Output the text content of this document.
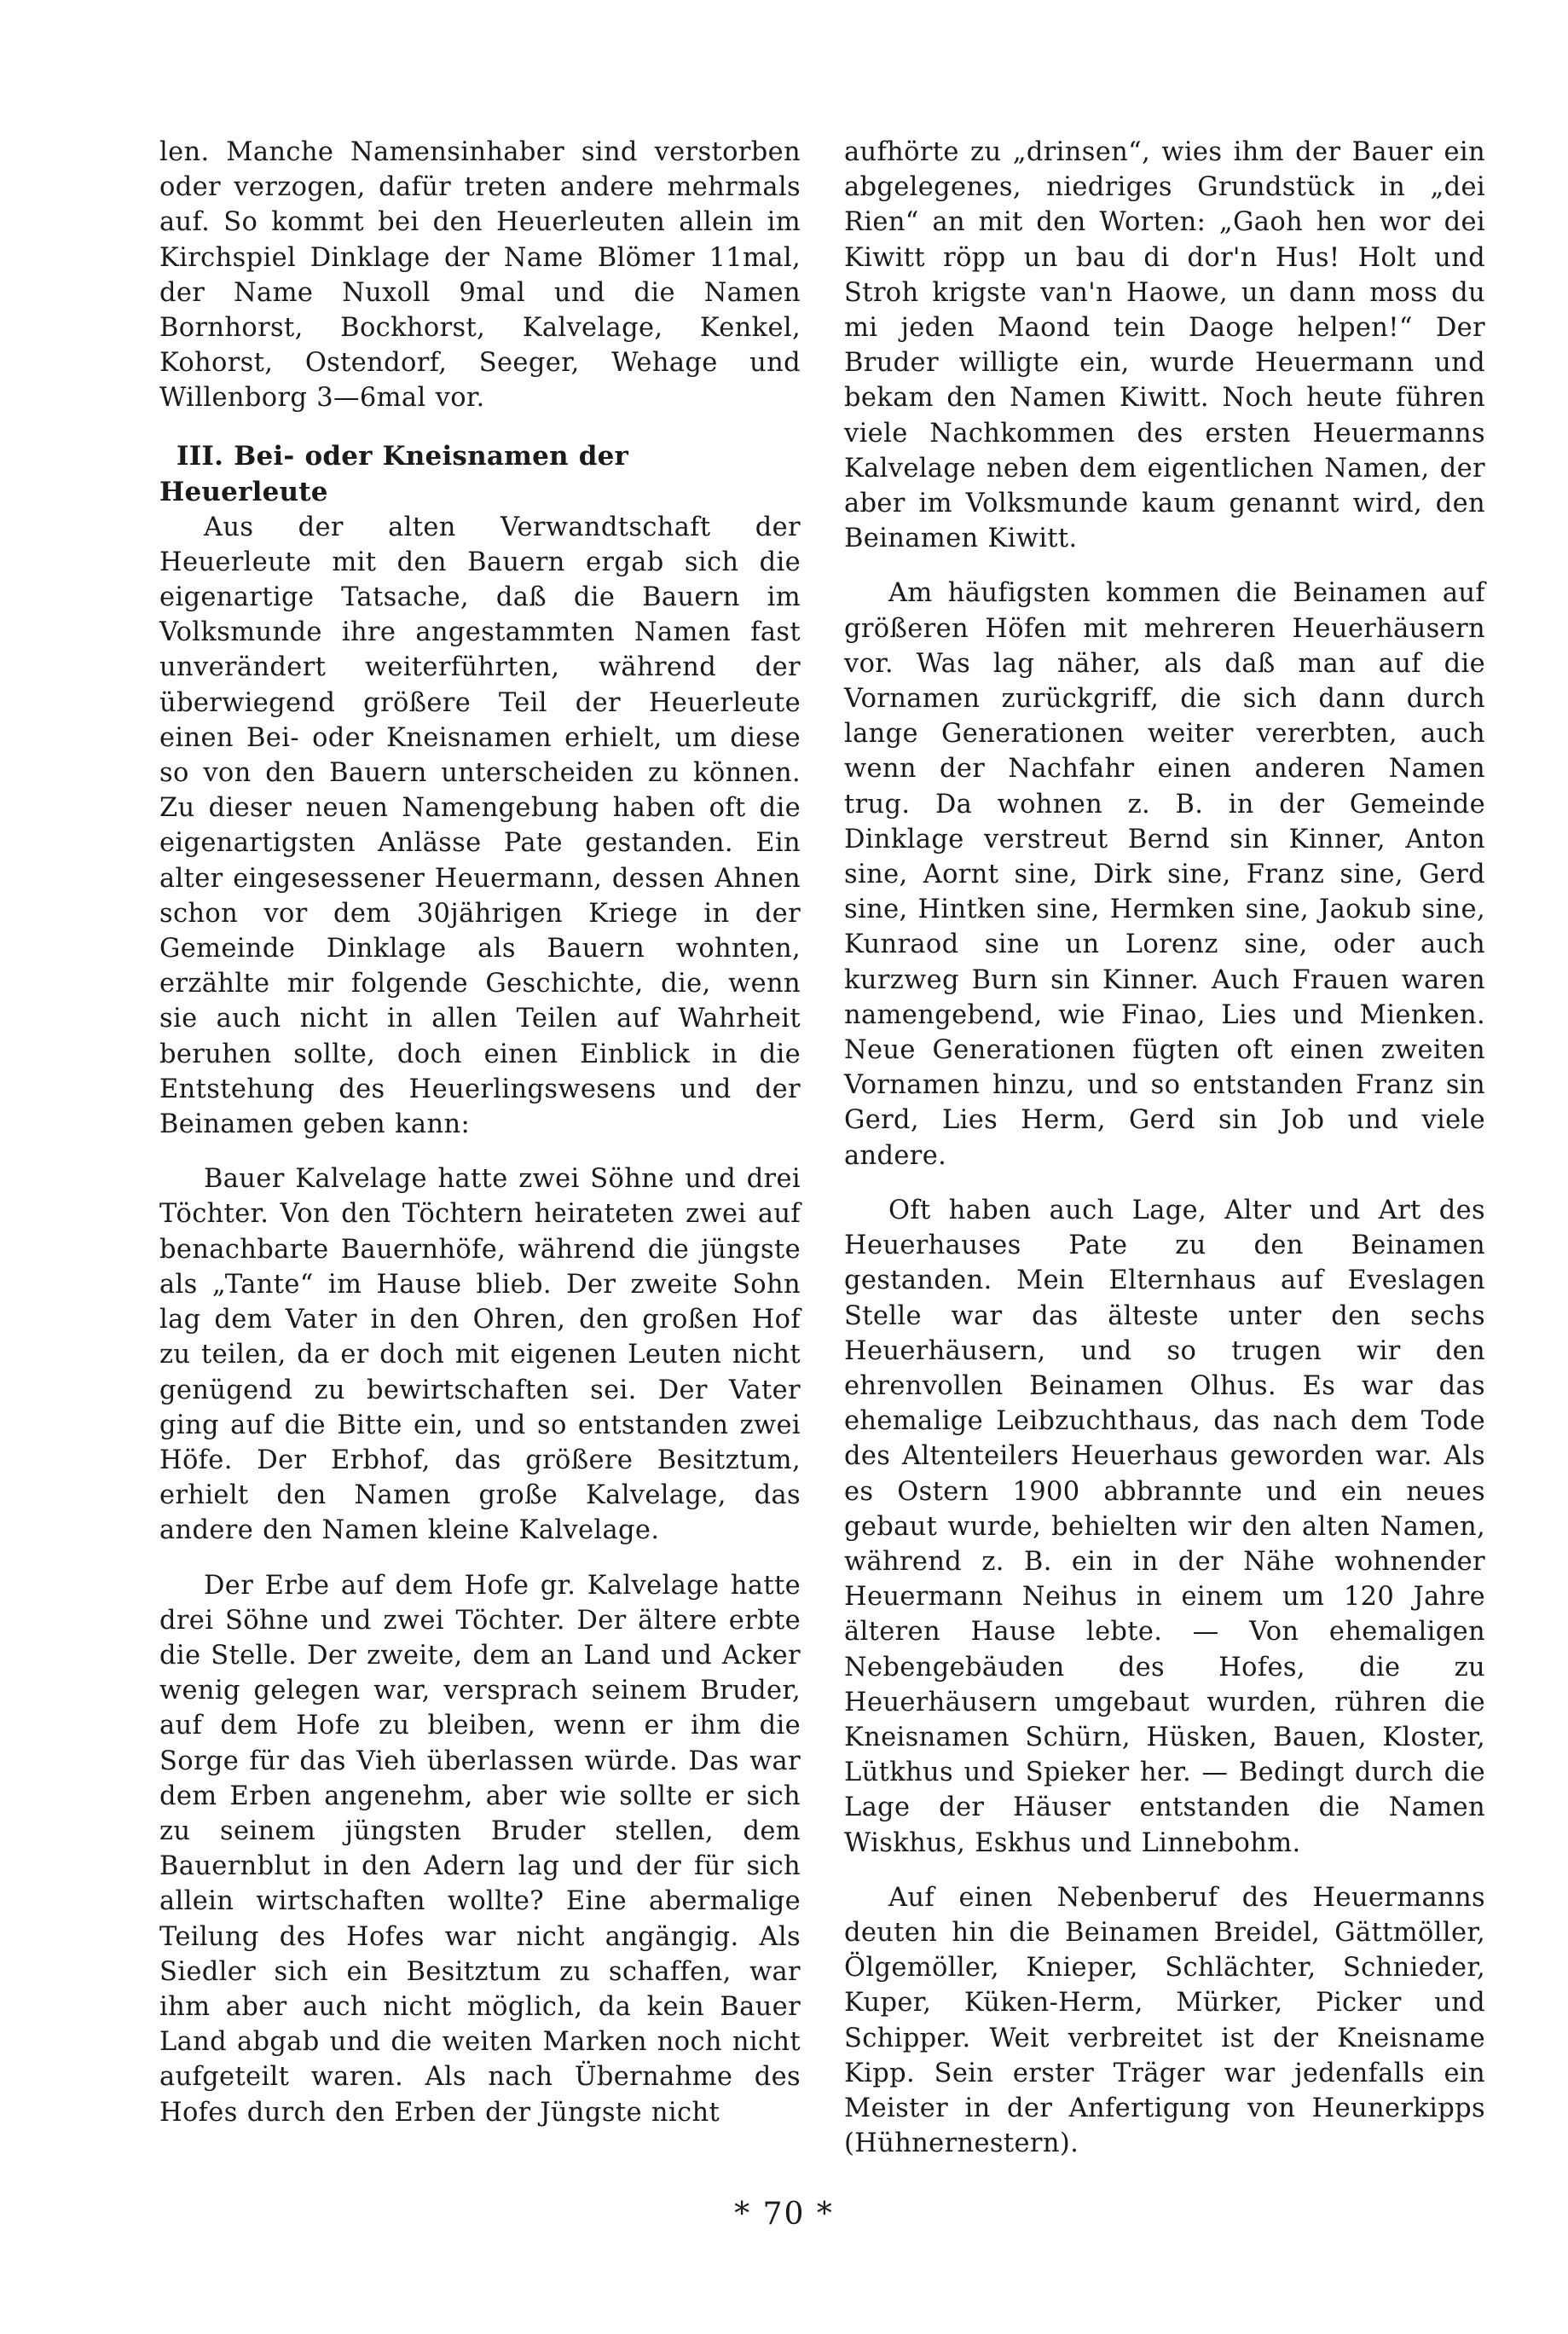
len. Manche Namensinhaber sind verstorben oder verzogen, dafür treten andere mehrmals auf. So kommt bei den Heuerleuten allein im Kirchspiel Dinklage der Name Blömer 11mal, der Name Nuxoll 9mal und die Namen Bornhorst, Bockhorst, Kalvelage, Kenkel, Kohorst, Ostendorf, Seeger, Wehage und Willenborg 3—6mal vor.

III. Bei- oder Kneisnamen der Heuerleute

Aus der alten Verwandtschaft der Heuerleute mit den Bauern ergab sich die eigenartige Tatsache, daß die Bauern im Volksmunde ihre angestammten Namen fast unverändert weiterführten, während der überwiegend größere Teil der Heuerleute einen Bei- oder Kneisnamen erhielt, um diese so von den Bauern unterscheiden zu können. Zu dieser neuen Namengebung haben oft die eigenartigsten Anlässe Pate gestanden. Ein alter eingesessener Heuermann, dessen Ahnen schon vor dem 30jährigen Kriege in der Gemeinde Dinklage als Bauern wohnten, erzählte mir folgende Geschichte, die, wenn sie auch nicht in allen Teilen auf Wahrheit beruhen sollte, doch einen Einblick in die Entstehung des Heuerlingswesens und der Beinamen geben kann:

Bauer Kalvelage hatte zwei Söhne und drei Töchter. Von den Töchtern heirateten zwei auf benachbarte Bauernhöfe, während die jüngste als „Tante“ im Hause blieb. Der zweite Sohn lag dem Vater in den Ohren, den großen Hof zu teilen, da er doch mit eigenen Leuten nicht genügend zu bewirtschaften sei. Der Vater ging auf die Bitte ein, und so entstanden zwei Höfe. Der Erbhof, das größere Besitztum, erhielt den Namen große Kalvelage, das andere den Namen kleine Kalvelage.

Der Erbe auf dem Hofe gr. Kalvelage hatte drei Söhne und zwei Töchter. Der ältere erbte die Stelle. Der zweite, dem an Land und Acker wenig gelegen war, versprach seinem Bruder, auf dem Hofe zu bleiben, wenn er ihm die Sorge für das Vieh überlassen würde. Das war dem Erben angenehm, aber wie sollte er sich zu seinem jüngsten Bruder stellen, dem Bauernblut in den Adern lag und der für sich allein wirtschaften wollte? Eine abermalige Teilung des Hofes war nicht angängig. Als Siedler sich ein Besitztum zu schaffen, war ihm aber auch nicht möglich, da kein Bauer Land abgab und die weiten Marken noch nicht aufgeteilt waren. Als nach Übernahme des Hofes durch den Erben der Jüngste nicht

aufhörte zu „drinsen“, wies ihm der Bauer ein abgelegenes, niedriges Grundstück in „dei Rien“ an mit den Worten: „Gaoh hen wor dei Kiwitt röpp un bau di dor'n Hus! Holt und Stroh krigste van'n Haowe, un dann moss du mi jeden Maond tein Daoge helpen!“ Der Bruder willigte ein, wurde Heuermann und bekam den Namen Kiwitt. Noch heute führen viele Nachkommen des ersten Heuermanns Kalvelage neben dem eigentlichen Namen, der aber im Volksmunde kaum genannt wird, den Beinamen Kiwitt.

Am häufigsten kommen die Beinamen auf größeren Höfen mit mehreren Heuerhäusern vor. Was lag näher, als daß man auf die Vornamen zurückgriff, die sich dann durch lange Generationen weiter vererbten, auch wenn der Nachfahr einen anderen Namen trug. Da wohnen z. B. in der Gemeinde Dinklage verstreut Bernd sin Kinner, Anton sine, Aornt sine, Dirk sine, Franz sine, Gerd sine, Hintken sine, Hermken sine, Jaokub sine, Kunraod sine un Lorenz sine, oder auch kurzweg Burn sin Kinner. Auch Frauen waren namengebend, wie Finao, Lies und Mienken. Neue Generationen fügten oft einen zweiten Vornamen hinzu, und so entstanden Franz sin Gerd, Lies Herm, Gerd sin Job und viele andere.

Oft haben auch Lage, Alter und Art des Heuerhauses Pate zu den Beinamen gestanden. Mein Elternhaus auf Eveslagen Stelle war das älteste unter den sechs Heuerhäusern, und so trugen wir den ehrenvollen Beinamen Olhus. Es war das ehemalige Leibzuchthaus, das nach dem Tode des Altenteilers Heuerhaus geworden war. Als es Ostern 1900 abbrannte und ein neues gebaut wurde, behielten wir den alten Namen, während z. B. ein in der Nähe wohnender Heuermann Neihus in einem um 120 Jahre älteren Hause lebte. — Von ehemaligen Nebengebäuden des Hofes, die zu Heuerhäusern umgebaut wurden, rühren die Kneisnamen Schürn, Hüsken, Bauen, Kloster, Lütkhus und Spieker her. — Bedingt durch die Lage der Häuser entstanden die Namen Wiskhus, Eskhus und Linnebohm.

Auf einen Nebenberuf des Heuermanns deuten hin die Beinamen Breidel, Gättmöller, Ölgemöller, Knieper, Schlächter, Schnieder, Kuper, Küken-Herm, Mürker, Picker und Schipper. Weit verbreitet ist der Kneisname Kipp. Sein erster Träger war jedenfalls ein Meister in der Anfertigung von Heunerkipps (Hühnernestern).

* 70 *
